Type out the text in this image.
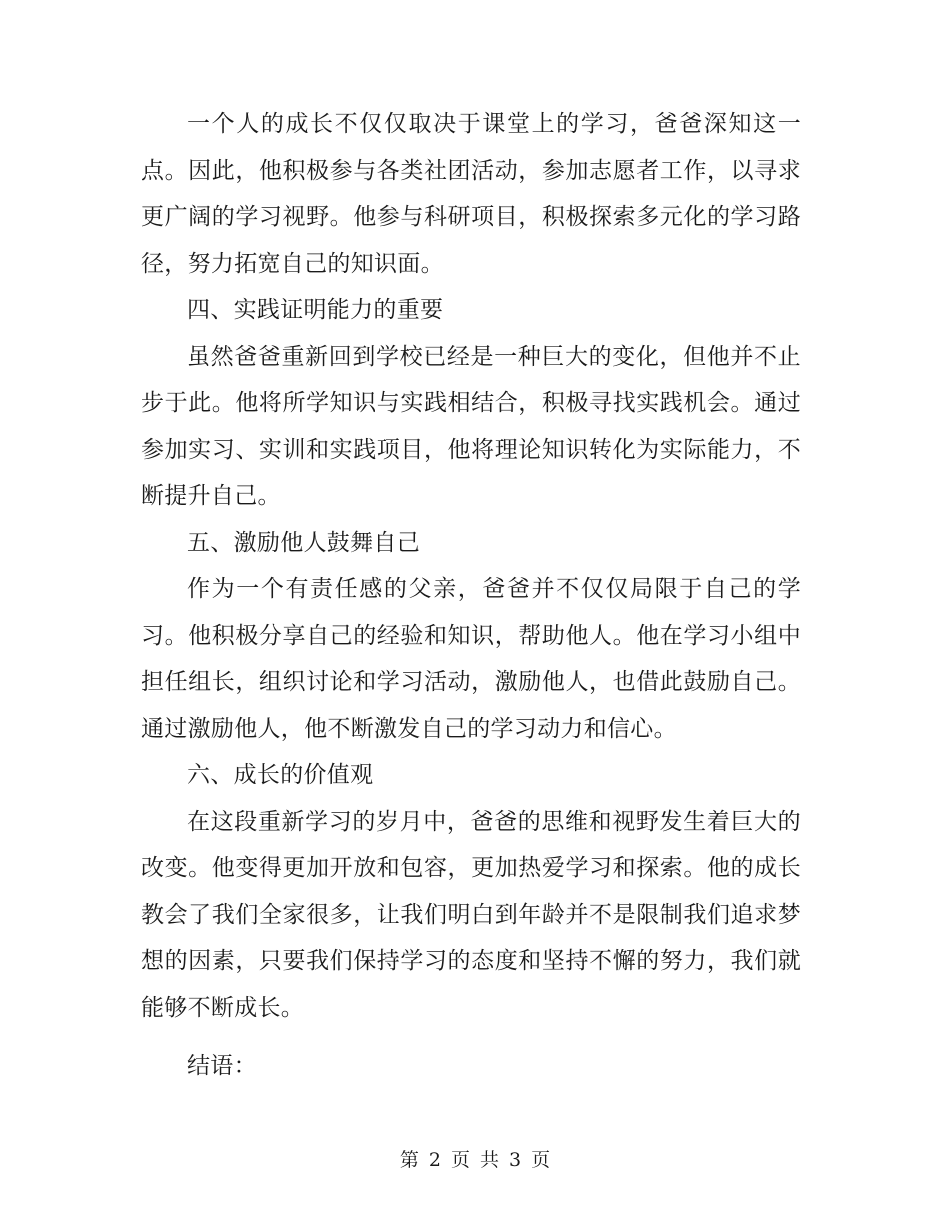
一个人的成长不仅仅取决于课堂上的学习，爸爸深知这一点。因此，他积极参与各类社团活动，参加志愿者工作，以寻求更广阔的学习视野。他参与科研项目，积极探索多元化的学习路径，努力拓宽自己的知识面。

四、实践证明能力的重要

虽然爸爸重新回到学校已经是一种巨大的变化，但他并不止步于此。他将所学知识与实践相结合，积极寻找实践机会。通过参加实习、实训和实践项目，他将理论知识转化为实际能力，不断提升自己。

五、激励他人鼓舞自己

作为一个有责任感的父亲，爸爸并不仅仅局限于自己的学习。他积极分享自己的经验和知识，帮助他人。他在学习小组中担任组长，组织讨论和学习活动，激励他人，也借此鼓励自己。通过激励他人，他不断激发自己的学习动力和信心。

六、成长的价值观

在这段重新学习的岁月中，爸爸的思维和视野发生着巨大的改变。他变得更加开放和包容，更加热爱学习和探索。他的成长教会了我们全家很多，让我们明白到年龄并不是限制我们追求梦想的因素，只要我们保持学习的态度和坚持不懈的努力，我们就能够不断成长。

结语：

第 2 页 共 3 页
